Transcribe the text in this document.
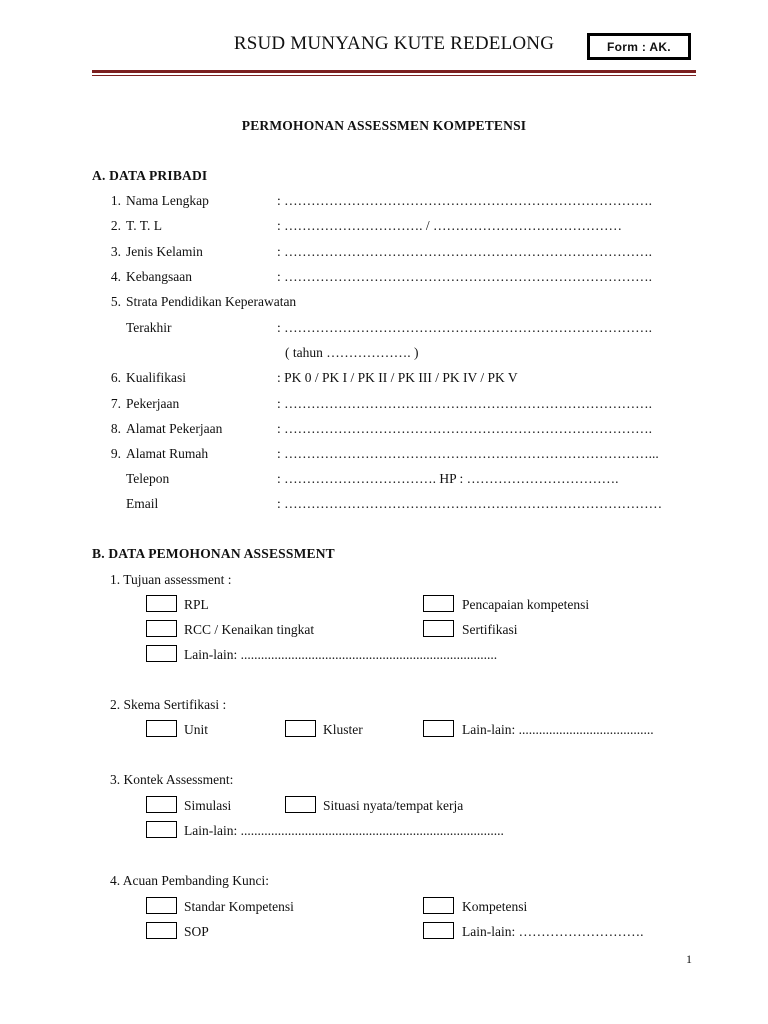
RSUD MUNYANG KUTE REDELONG	Form : AK.
PERMOHONAN ASSESSMEN KOMPETENSI
A. DATA PRIBADI
1. Nama Lengkap	: ……………………………………………………………………….
2. T. T. L	: …………………………. / ……………………………………
3. Jenis Kelamin	: ……………………………………………………………………….
4. Kebangsaan	: ……………………………………………………………………….
5. Strata Pendidikan Keperawatan
Terakhir	: ……………………………………………………………………….
( tahun ………………. )
6. Kualifikasi	: PK 0 / PK I / PK II / PK III / PK IV / PK V
7. Pekerjaan	: ……………………………………………………………………….
8. Alamat Pekerjaan	: ……………………………………………………………………….
9. Alamat Rumah	: ………………………………………………………………………...
Telepon	: ……………………………. HP : …………………………….
Email	: …………………………………………………………………………
B. DATA PEMOHONAN ASSESSMENT
1. Tujuan assessment :
RPL	Pencapaian kompetensi
RCC / Kenaikan tingkat	Sertifikasi
Lain-lain: ............................................................................
2. Skema Sertifikasi :
Unit	Kluster	Lain-lain: ........................................
3. Kontek Assessment:
Simulasi	Situasi nyata/tempat kerja
Lain-lain: ..............................................................................
4. Acuan Pembanding Kunci:
Standar Kompetensi	Kompetensi
SOP	Lain-lain: ……………………….
1
